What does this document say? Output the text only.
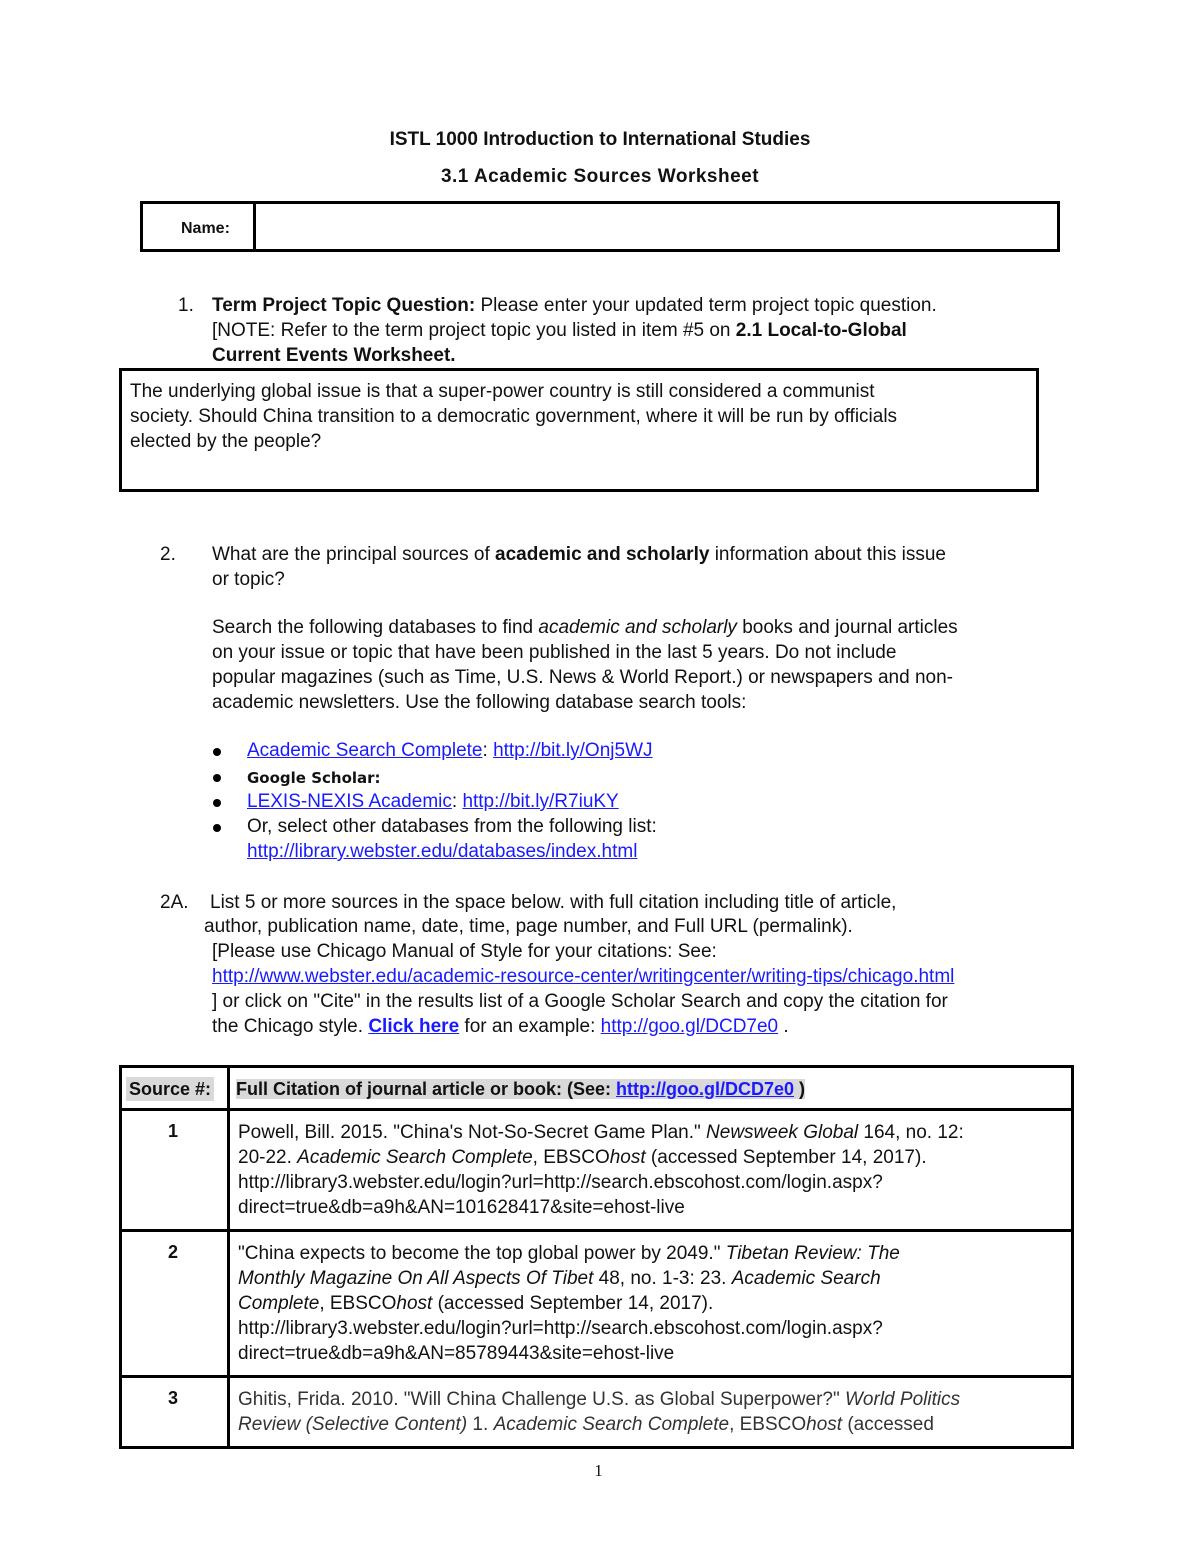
ISTL 1000 Introduction to International Studies
3.1 Academic Sources Worksheet
Name:
1. Term Project Topic Question: Please enter your updated term project topic question.
[NOTE: Refer to the term project topic you listed in item #5 on 2.1 Local-to-Global
Current Events Worksheet.
The underlying global issue is that a super-power country is still considered a communist
society. Should China transition to a democratic government, where it will be run by officials
elected by the people?
2. What are the principal sources of academic and scholarly information about this issue
or topic?
Search the following databases to find academic and scholarly books and journal articles
on your issue or topic that have been published in the last 5 years. Do not include
popular magazines (such as Time, U.S. News & World Report.) or newspapers and non-
academic newsletters. Use the following database search tools:
Academic Search Complete: http://bit.ly/Onj5WJ
Google Scholar:
LEXIS-NEXIS Academic: http://bit.ly/R7iuKY
Or, select other databases from the following list:
http://library.webster.edu/databases/index.html
2A. List 5 or more sources in the space below. with full citation including title of article,
author, publication name, date, time, page number, and Full URL (permalink).
[Please use Chicago Manual of Style for your citations: See:
http://www.webster.edu/academic-resource-center/writingcenter/writing-tips/chicago.html
] or click on "Cite" in the results list of a Google Scholar Search and copy the citation for
the Chicago style. Click here for an example: http://goo.gl/DCD7e0 .
Source #: Full Citation of journal article or book: (See: http://goo.gl/DCD7e0 )
1	Powell, Bill. 2015. "China's Not-So-Secret Game Plan." Newsweek Global 164, no. 12:
20-22. Academic Search Complete, EBSCOhost (accessed September 14, 2017).
http://library3.webster.edu/login?url=http://search.ebscohost.com/login.aspx?
direct=true&db=a9h&AN=101628417&site=ehost-live
2	"China expects to become the top global power by 2049." Tibetan Review: The
Monthly Magazine On All Aspects Of Tibet 48, no. 1-3: 23. Academic Search
Complete, EBSCOhost (accessed September 14, 2017).
http://library3.webster.edu/login?url=http://search.ebscohost.com/login.aspx?
direct=true&db=a9h&AN=85789443&site=ehost-live
3	Ghitis, Frida. 2010. "Will China Challenge U.S. as Global Superpower?" World Politics
Review (Selective Content) 1. Academic Search Complete, EBSCOhost (accessed
1
